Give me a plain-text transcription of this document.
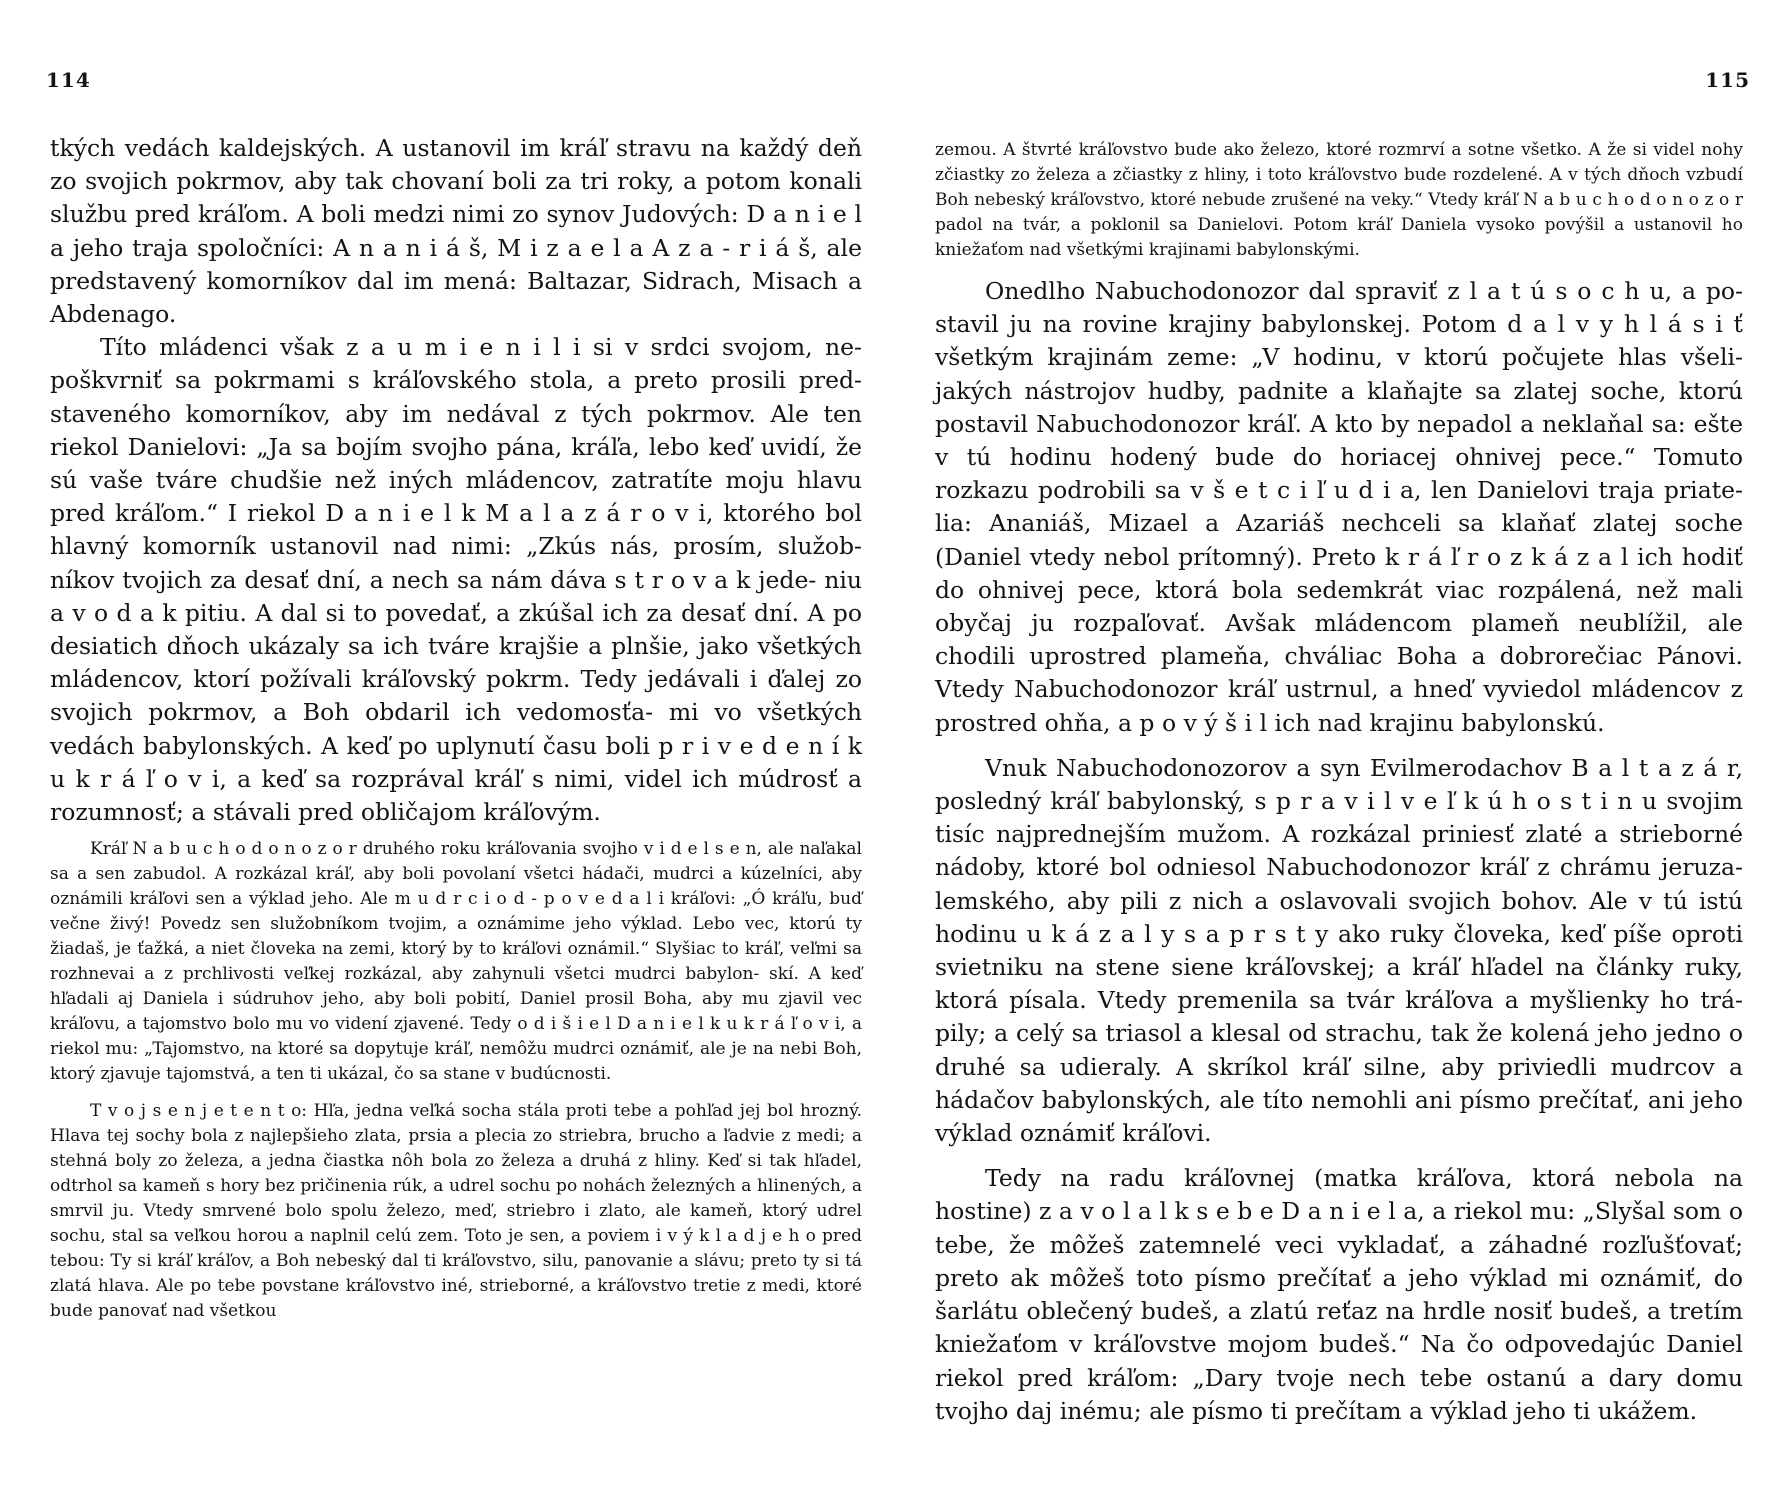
114

tkých vedách kaldejských. A ustanovil im kráľ stravu na každý deň zo svojich pokrmov, aby tak chovaní boli za tri roky, a potom konali službu pred kráľom. A boli medzi nimi zo synov Judových: D a n i e l a jeho traja spoločníci: A n a n i á š, M i z a e l a A z a - r i á š, ale predstavený komorníkov dal im mená: Baltazar, Sidrach, Misach a Abdenago.

Títo mládenci však z a u m i e n i l i si v srdci svojom, ne- poškvrniť sa pokrmami s kráľovského stola, a preto prosili pred- staveného komorníkov, aby im nedával z tých pokrmov. Ale ten riekol Danielovi: „Ja sa bojím svojho pána, kráľa, lebo keď uvidí, že sú vaše tváre chudšie než iných mládencov, zatratíte moju hlavu pred kráľom.“ I riekol D a n i e l k M a l a z á r o v i, ktorého bol hlavný komorník ustanovil nad nimi: „Zkús nás, prosím, služob- níkov tvojich za desať dní, a nech sa nám dáva s t r o v a k jede- niu a v o d a k pitiu. A dal si to povedať, a zkúšal ich za desať dní. A po desiatich dňoch ukázaly sa ich tváre krajšie a plnšie, jako všetkých mládencov, ktorí požívali kráľovský pokrm. Tedy jedávali i ďalej zo svojich pokrmov, a Boh obdaril ich vedomosťa- mi vo všetkých vedách babylonských. A keď po uplynutí času boli p r i v e d e n í k u k r á ľ o v i, a keď sa rozprával kráľ s nimi, videl ich múdrosť a rozumnosť; a stávali pred obličajom kráľovým.

Kráľ N a b u c h o d o n o z o r druhého roku kráľovania svojho v i d e l s e n, ale naľakal sa a sen zabudol. A rozkázal kráľ, aby boli povolaní všetci hádači, mudrci a kúzelníci, aby oznámili kráľovi sen a výklad jeho. Ale m u d r c i o d - p o v e d a l i kráľovi: „Ó kráľu, buď večne živý! Povedz sen služobníkom tvojim, a oznámime jeho výklad. Lebo vec, ktorú ty žiadaš, je ťažká, a niet človeka na zemi, ktorý by to kráľovi oznámil.“ Slyšiac to kráľ, veľmi sa rozhnevai a z prchlivosti veľkej rozkázal, aby zahynuli všetci mudrci babylon- skí. A keď hľadali aj Daniela i súdruhov jeho, aby boli pobití, Daniel prosil Boha, aby mu zjavil vec kráľovu, a tajomstvo bolo mu vo videní zjavené. Tedy o d i š i e l D a n i e l k u k r á ľ o v i, a riekol mu: „Tajomstvo, na ktoré sa dopytuje kráľ, nemôžu mudrci oznámiť, ale je na nebi Boh, ktorý zjavuje tajomstvá, a ten ti ukázal, čo sa stane v budúcnosti.

T v o j s e n j e t e n t o: Hľa, jedna veľká socha stála proti tebe a pohľad jej bol hrozný. Hlava tej sochy bola z najlepšieho zlata, prsia a plecia zo striebra, brucho a ľadvie z medi; a stehná boly zo železa, a jedna čiastka nôh bola zo železa a druhá z hliny. Keď si tak hľadel, odtrhol sa kameň s hory bez pričinenia rúk, a udrel sochu po nohách železných a hlinených, a smrvil ju. Vtedy smrvené bolo spolu železo, meď, striebro i zlato, ale kameň, ktorý udrel sochu, stal sa veľkou horou a naplnil celú zem. Toto je sen, a poviem i v ý k l a d j e h o pred tebou: Ty si kráľ kráľov, a Boh nebeský dal ti kráľovstvo, silu, panovanie a slávu; preto ty si tá zlatá hlava. Ale po tebe povstane kráľovstvo iné, strieborné, a kráľovstvo tretie z medi, ktoré bude panovať nad všetkou

115

zemou. A štvrté kráľovstvo bude ako železo, ktoré rozmrví a sotne všetko. A že si videl nohy zčiastky zo železa a zčiastky z hliny, i toto kráľovstvo bude rozdelené. A v tých dňoch vzbudí Boh nebeský kráľovstvo, ktoré nebude zrušené na veky.“ Vtedy kráľ N a b u c h o d o n o z o r padol na tvár, a poklonil sa Danielovi. Potom kráľ Daniela vysoko povýšil a ustanovil ho kniežaťom nad všetkými krajinami babylonskými.

Onedlho Nabuchodonozor dal spraviť z l a t ú s o c h u, a po- stavil ju na rovine krajiny babylonskej. Potom d a l v y h l á s i ť všetkým krajinám zeme: „V hodinu, v ktorú počujete hlas všeli- jakých nástrojov hudby, padnite a klaňajte sa zlatej soche, ktorú postavil Nabuchodonozor kráľ. A kto by nepadol a neklaňal sa: ešte v tú hodinu hodený bude do horiacej ohnivej pece.“ Tomuto rozkazu podrobili sa v š e t c i ľ u d i a, len Danielovi traja priate- lia: Ananiáš, Mizael a Azariáš nechceli sa klaňať zlatej soche (Daniel vtedy nebol prítomný). Preto k r á ľ r o z k á z a l ich hodiť do ohnivej pece, ktorá bola sedemkrát viac rozpálená, než mali obyčaj ju rozpaľovať. Avšak mládencom plameň neublížil, ale chodili uprostred plameňa, chváliac Boha a dobrorečiac Pánovi. Vtedy Nabuchodonozor kráľ ustrnul, a hneď vyviedol mládencov z prostred ohňa, a p o v ý š i l ich nad krajinu babylonskú.

Vnuk Nabuchodonozorov a syn Evilmerodachov B a l t a z á r, posledný kráľ babylonský, s p r a v i l v e ľ k ú h o s t i n u svojim tisíc najprednejším mužom. A rozkázal priniesť zlaté a strieborné nádoby, ktoré bol odniesol Nabuchodonozor kráľ z chrámu jeruza- lemského, aby pili z nich a oslavovali svojich bohov. Ale v tú istú hodinu u k á z a l y s a p r s t y ako ruky človeka, keď píše oproti svietniku na stene siene kráľovskej; a kráľ hľadel na články ruky, ktorá písala. Vtedy premenila sa tvár kráľova a myšlienky ho trá- pily; a celý sa triasol a klesal od strachu, tak že kolená jeho jedno o druhé sa udieraly. A skríkol kráľ silne, aby priviedli mudrcov a hádačov babylonských, ale títo nemohli ani písmo prečítať, ani jeho výklad oznámiť kráľovi.

Tedy na radu kráľovnej (matka kráľova, ktorá nebola na hostine) z a v o l a l k s e b e D a n i e l a, a riekol mu: „Slyšal som o tebe, že môžeš zatemnelé veci vykladať, a záhadné rozľušťovať; preto ak môžeš toto písmo prečítať a jeho výklad mi oznámiť, do šarlátu oblečený budeš, a zlatú reťaz na hrdle nosiť budeš, a tretím kniežaťom v kráľovstve mojom budeš.“ Na čo odpovedajúc Daniel riekol pred kráľom: „Dary tvoje nech tebe ostanú a dary domu tvojho daj inému; ale písmo ti prečítam a výklad jeho ti ukážem.
